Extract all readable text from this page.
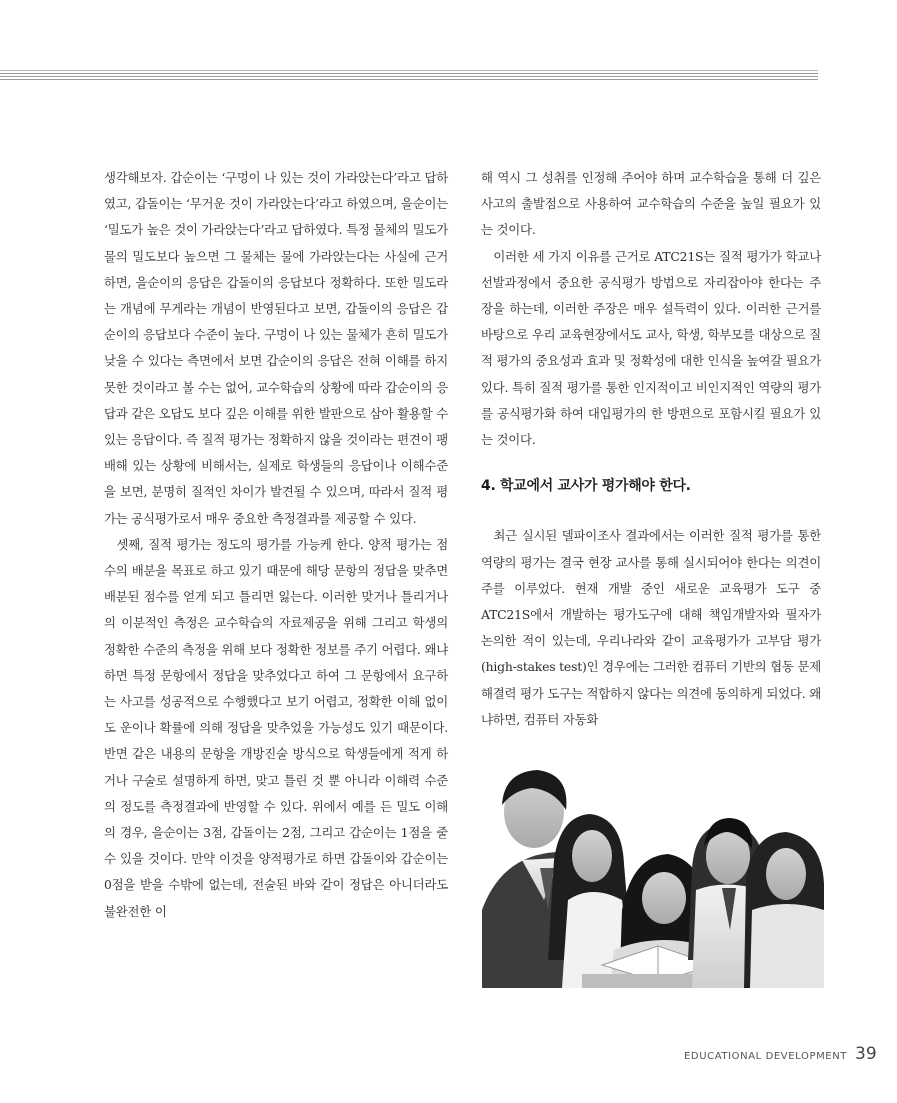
생각해보자. 갑순이는 ‘구멍이 나 있는 것이 가라앉는다’라고 답하였고, 갑돌이는 ‘무거운 것이 가라앉는다’라고 하였으며, 을순이는 ‘밀도가 높은 것이 가라앉는다’라고 답하였다. 특정 물체의 밀도가 물의 밀도보다 높으면 그 물체는 물에 가라앉는다는 사실에 근거하면, 을순이의 응답은 갑돌이의 응답보다 정확하다. 또한 밀도라는 개념에 무게라는 개념이 반영된다고 보면, 갑돌이의 응답은 갑순이의 응답보다 수준이 높다. 구멍이 나 있는 물체가 흔히 밀도가 낮을 수 있다는 측면에서 보면 갑순이의 응답은 전혀 이해를 하지 못한 것이라고 볼 수는 없어, 교수학습의 상황에 따라 갑순이의 응답과 같은 오답도 보다 깊은 이해를 위한 발판으로 삼아 활용할 수 있는 응답이다. 즉 질적 평가는 정확하지 않을 것이라는 편견이 팽배해 있는 상황에 비해서는, 실제로 학생들의 응답이나 이해수준을 보면, 분명히 질적인 차이가 발견될 수 있으며, 따라서 질적 평가는 공식평가로서 매우 중요한 측정결과를 제공할 수 있다.

셋째, 질적 평가는 정도의 평가를 가능케 한다. 양적 평가는 점수의 배분을 목표로 하고 있기 때문에 해당 문항의 정답을 맞추면 배분된 점수를 얻게 되고 틀리면 잃는다. 이러한 맞거나 틀리거나의 이분적인 측정은 교수학습의 자료제공을 위해 그리고 학생의 정확한 수준의 측정을 위해 보다 정확한 정보를 주기 어렵다. 왜냐하면 특정 문항에서 정답을 맞추었다고 하여 그 문항에서 요구하는 사고를 성공적으로 수행했다고 보기 어렵고, 정확한 이해 없이도 운이나 확률에 의해 정답을 맞추었을 가능성도 있기 때문이다. 반면 같은 내용의 문항을 개방진술 방식으로 학생들에게 적게 하거나 구술로 설명하게 하면, 맞고 틀린 것 뿐 아니라 이해력 수준의 정도를 측정결과에 반영할 수 있다. 위에서 예를 든 밀도 이해의 경우, 을순이는 3점, 갑돌이는 2점, 그리고 갑순이는 1점을 줄 수 있을 것이다. 만약 이것을 양적평가로 하면 갑돌이와 갑순이는 0점을 받을 수밖에 없는데, 전술된 바와 같이 정답은 아니더라도 불완전한 이

해 역시 그 성취를 인정해 주어야 하며 교수학습을 통해 더 깊은 사고의 출발점으로 사용하여 교수학습의 수준을 높일 필요가 있는 것이다.

이러한 세 가지 이유를 근거로 ATC21S는 질적 평가가 학교나 선발과정에서 중요한 공식평가 방법으로 자리잡아야 한다는 주장을 하는데, 이러한 주장은 매우 설득력이 있다. 이러한 근거를 바탕으로 우리 교육현장에서도 교사, 학생, 학부모를 대상으로 질적 평가의 중요성과 효과 및 정확성에 대한 인식을 높여갈 필요가 있다. 특히 질적 평가를 통한 인지적이고 비인지적인 역량의 평가를 공식평가화 하여 대입평가의 한 방편으로 포함시킬 필요가 있는 것이다.

4. 학교에서 교사가 평가해야 한다.

최근 실시된 델파이조사 결과에서는 이러한 질적 평가를 통한 역량의 평가는 결국 현장 교사를 통해 실시되어야 한다는 의견이 주를 이루었다. 현재 개발 중인 새로운 교육평가 도구 중 ATC21S에서 개발하는 평가도구에 대해 책임개발자와 필자가 논의한 적이 있는데, 우리나라와 같이 교육평가가 고부담 평가(high-stakes test)인 경우에는 그러한 컴퓨터 기반의 협동 문제해결력 평가 도구는 적합하지 않다는 의견에 동의하게 되었다. 왜냐하면, 컴퓨터 자동화

EDUCATIONAL DEVELOPMENT 39
